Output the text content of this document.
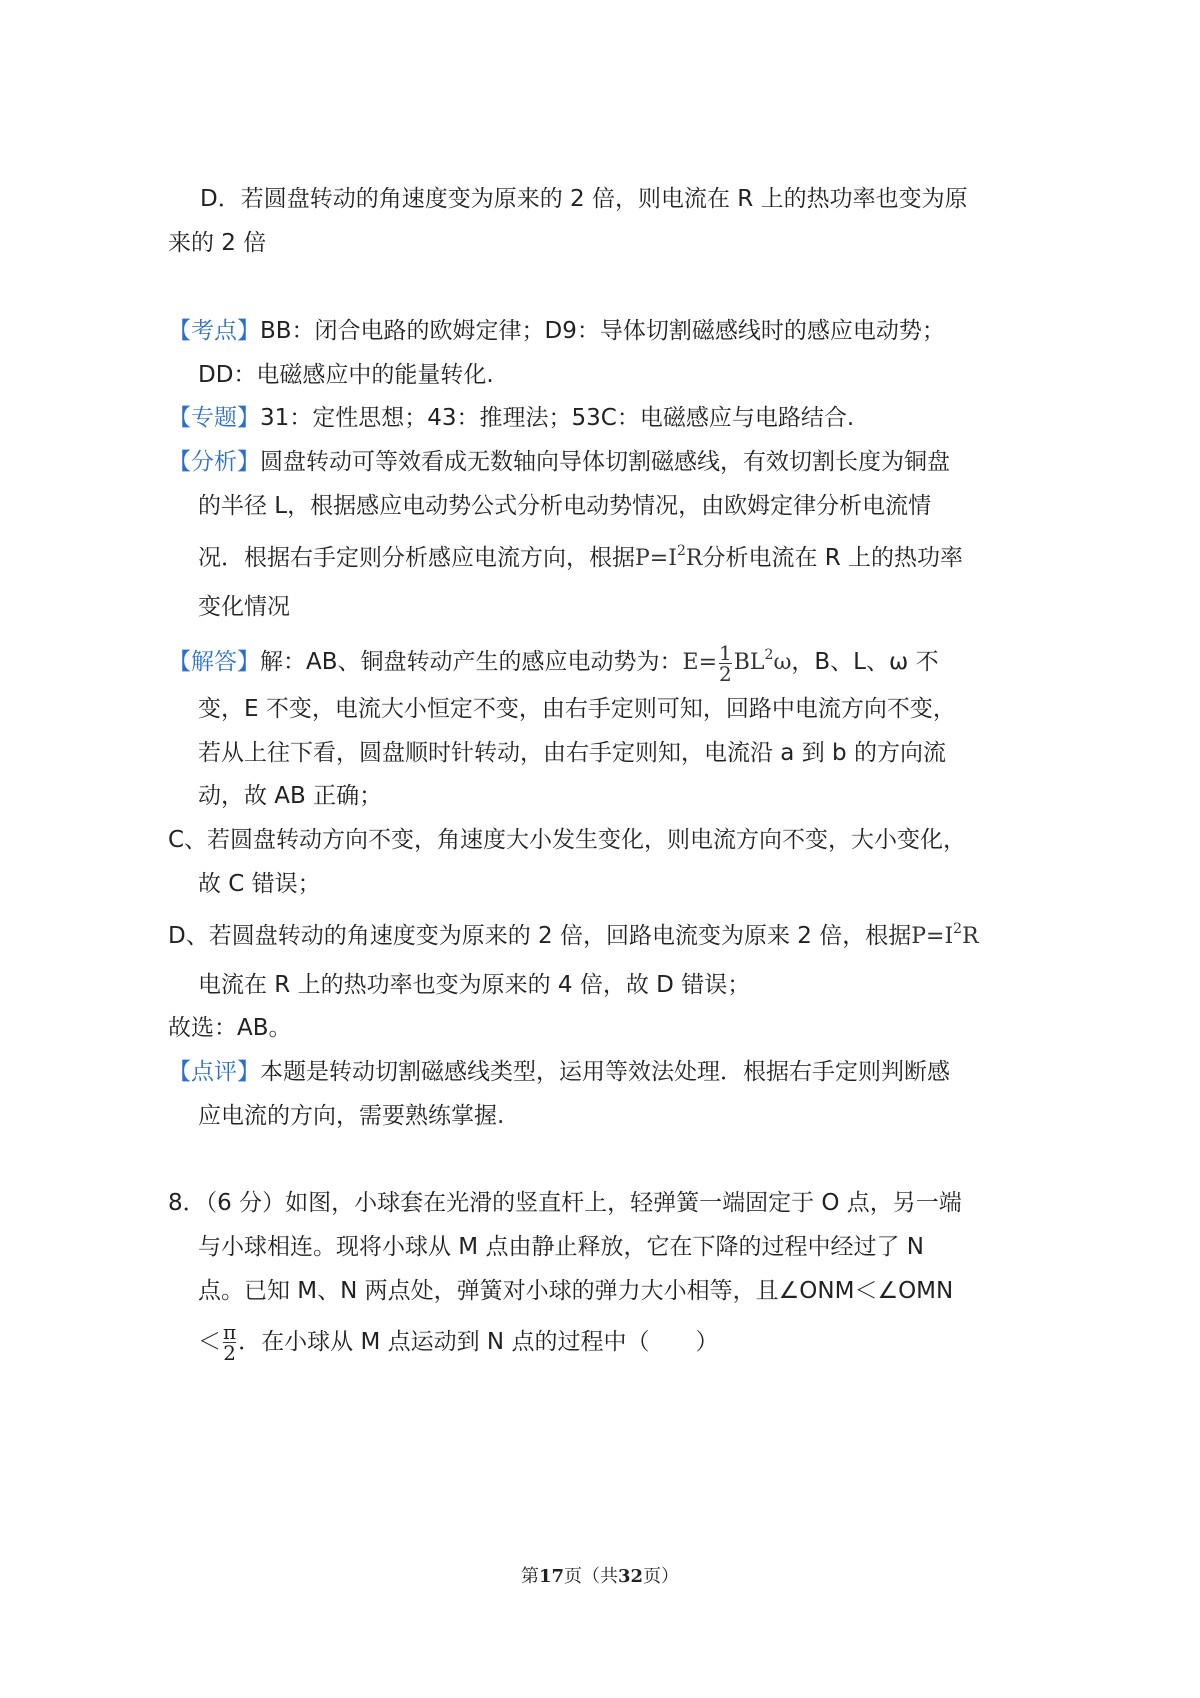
D．若圆盘转动的角速度变为原来的 2 倍，则电流在 R 上的热功率也变为原
来的 2 倍
【考点】BB：闭合电路的欧姆定律；D9：导体切割磁感线时的感应电动势；
DD：电磁感应中的能量转化.
【专题】31：定性思想；43：推理法；53C：电磁感应与电路结合.
【分析】圆盘转动可等效看成无数轴向导体切割磁感线，有效切割长度为铜盘
的半径 L，根据感应电动势公式分析电动势情况，由欧姆定律分析电流情
况．根据右手定则分析感应电流方向，根据$P=I^2R$分析电流在 R 上的热功率
变化情况
【解答】解：AB、铜盘转动产生的感应电动势为：$E= \frac{1}{2} BL^2\omega$，B、L、ω 不
变，E 不变，电流大小恒定不变，由右手定则可知，回路中电流方向不变，
若从上往下看，圆盘顺时针转动，由右手定则知，电流沿 a 到 b 的方向流
动，故 AB 正确；
C、若圆盘转动方向不变，角速度大小发生变化，则电流方向不变，大小变化，
故 C 错误；
D、若圆盘转动的角速度变为原来的 2 倍，回路电流变为原来 2 倍，根据$P=I^2R$
电流在 R 上的热功率也变为原来的 4 倍，故 D 错误；
故选：AB。
【点评】本题是转动切割磁感线类型，运用等效法处理．根据右手定则判断感
应电流的方向，需要熟练掌握.
8．（6 分）如图，小球套在光滑的竖直杆上，轻弹簧一端固定于 O 点，另一端
与小球相连。现将小球从 M 点由静止释放，它在下降的过程中经过了 N
点。已知 M、N 两点处，弹簧对小球的弹力大小相等，且∠ONM＜∠OMN
＜ $\frac{\pi}{2}$ ．在小球从 M 点运动到 N 点的过程中（　　）
第17页（共32页）
